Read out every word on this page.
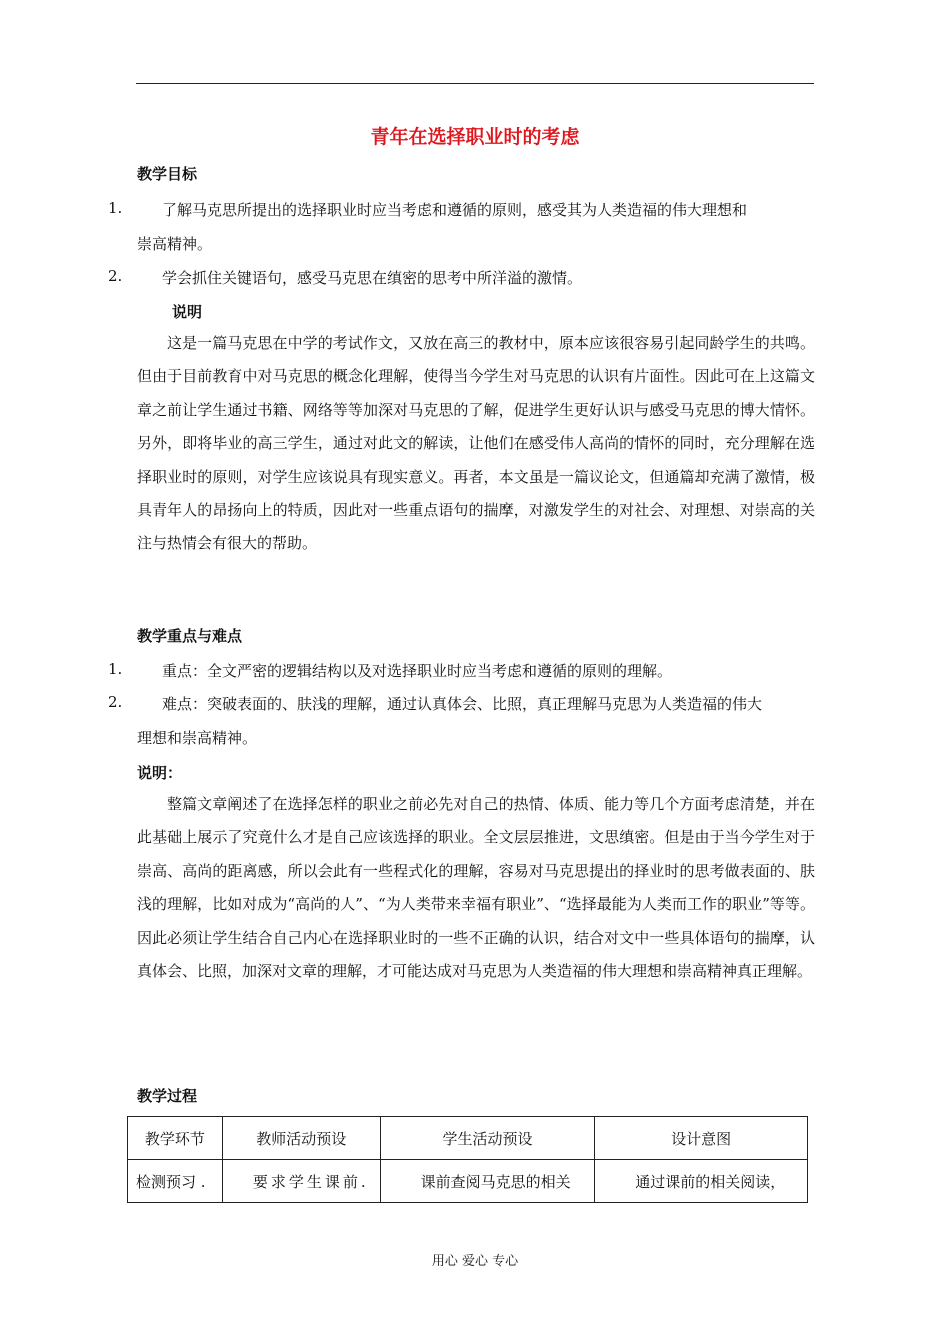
青年在选择职业时的考虑
教学目标
1.	了解马克思所提出的选择职业时应当考虑和遵循的原则，感受其为人类造福的伟大理想和
崇高精神。
2.	学会抓住关键语句，感受马克思在缜密的思考中所洋溢的激情。
说明

这是一篇马克思在中学的考试作文，又放在高三的教材中，原本应该很容易引起同龄学生的共鸣。但由于目前教育中对马克思的概念化理解，使得当今学生对马克思的认识有片面性。因此可在上这篇文章之前让学生通过书籍、网络等等加深对马克思的了解，促进学生更好认识与感受马克思的博大情怀。另外，即将毕业的高三学生，通过对此文的解读，让他们在感受伟人高尚的情怀的同时，充分理解在选择职业时的原则，对学生应该说具有现实意义。再者，本文虽是一篇议论文，但通篇却充满了激情，极具青年人的昂扬向上的特质，因此对一些重点语句的揣摩，对激发学生的对社会、对理想、对崇高的关注与热情会有很大的帮助。

教学重点与难点
1.	重点：全文严密的逻辑结构以及对选择职业时应当考虑和遵循的原则的理解。
2.	难点：突破表面的、肤浅的理解，通过认真体会、比照，真正理解马克思为人类造福的伟大
理想和崇高精神。
说明：

整篇文章阐述了在选择怎样的职业之前必先对自己的热情、体质、能力等几个方面考虑清楚，并在此基础上展示了究竟什么才是自己应该选择的职业。全文层层推进，文思缜密。但是由于当今学生对于崇高、高尚的距离感，所以会此有一些程式化的理解，容易对马克思提出的择业时的思考做表面的、肤浅的理解，比如对成为“高尚的人”、“为人类带来幸福有职业”、“选择最能为人类而工作的职业”等等。因此必须让学生结合自己内心在选择职业时的一些不正确的认识，结合对文中一些具体语句的揣摩，认真体会、比照，加深对文章的理解，才可能达成对马克思为人类造福的伟大理想和崇高精神真正理解。

教学过程
教学环节	教师活动预设	学生活动预设	设计意图
检测预习 .	要求学生课前.	课前查阅马克思的相关	通过课前的相关阅读，
用心 爱心 专心
